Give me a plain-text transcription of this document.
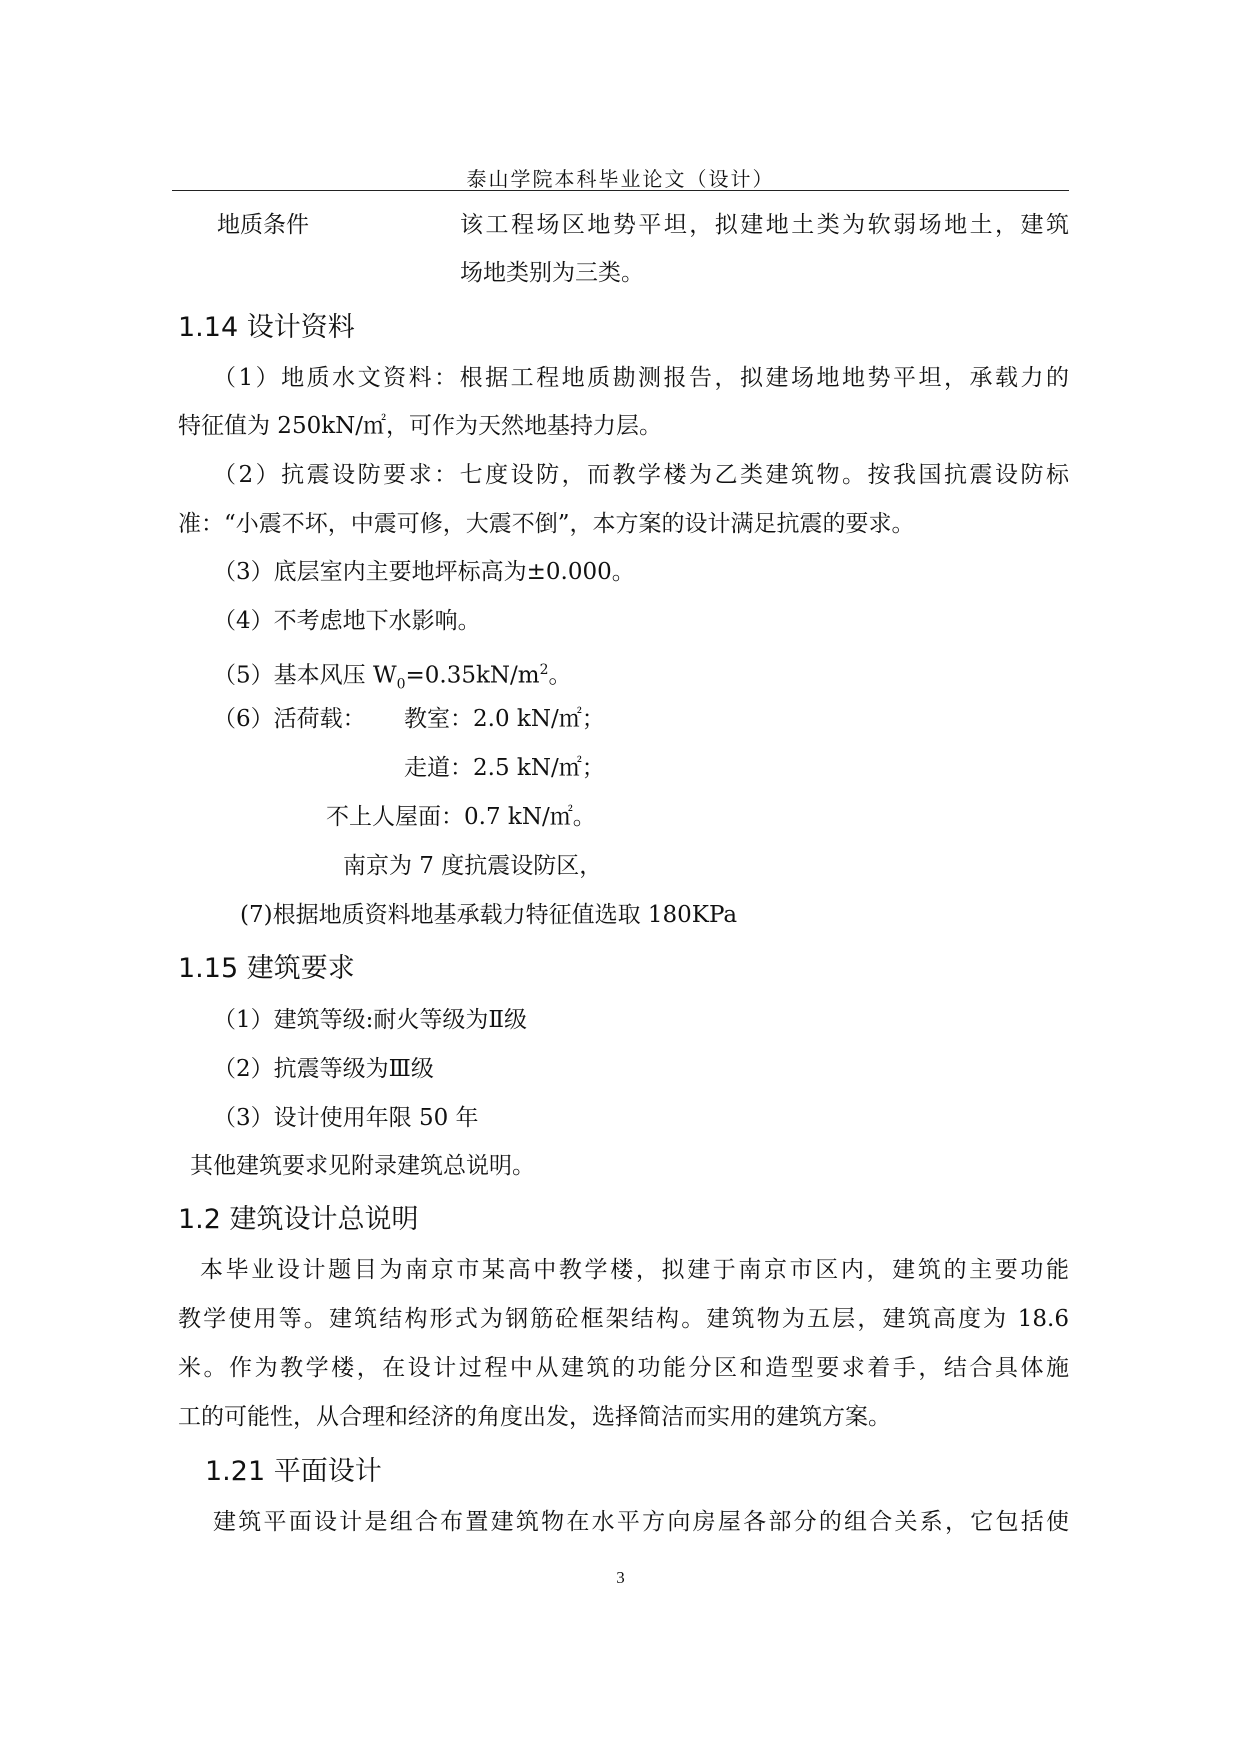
泰山学院本科毕业论文（设计）
地质条件	该工程场区地势平坦，拟建地土类为软弱场地土，建筑
场地类别为三类。
1.14 设计资料
（1）地质水文资料：根据工程地质勘测报告，拟建场地地势平坦，承载力的
特征值为 250kN/㎡，可作为天然地基持力层。
（2）抗震设防要求：七度设防，而教学楼为乙类建筑物。按我国抗震设防标
准：“小震不坏，中震可修，大震不倒”，本方案的设计满足抗震的要求。
（3）底层室内主要地坪标高为±0.000。
（4）不考虑地下水影响。
（5）基本风压 $W_0=0.35kN/m^2$。
（6）活荷载： 教室：2.0 kN/㎡；
走道：2.5 kN/㎡；
不上人屋面：0.7 kN/㎡。
南京为 7 度抗震设防区，
(7)根据地质资料地基承载力特征值选取 180KPa
1.15 建筑要求
（1）建筑等级:耐火等级为Ⅱ级
（2）抗震等级为Ⅲ级
（3）设计使用年限 50 年
其他建筑要求见附录建筑总说明。
1.2 建筑设计总说明
本毕业设计题目为南京市某高中教学楼，拟建于南京市区内，建筑的主要功能
教学使用等。建筑结构形式为钢筋砼框架结构。建筑物为五层，建筑高度为 18.6
米。作为教学楼，在设计过程中从建筑的功能分区和造型要求着手，结合具体施
工的可能性，从合理和经济的角度出发，选择简洁而实用的建筑方案。
1.21 平面设计
建筑平面设计是组合布置建筑物在水平方向房屋各部分的组合关系，它包括使
3
